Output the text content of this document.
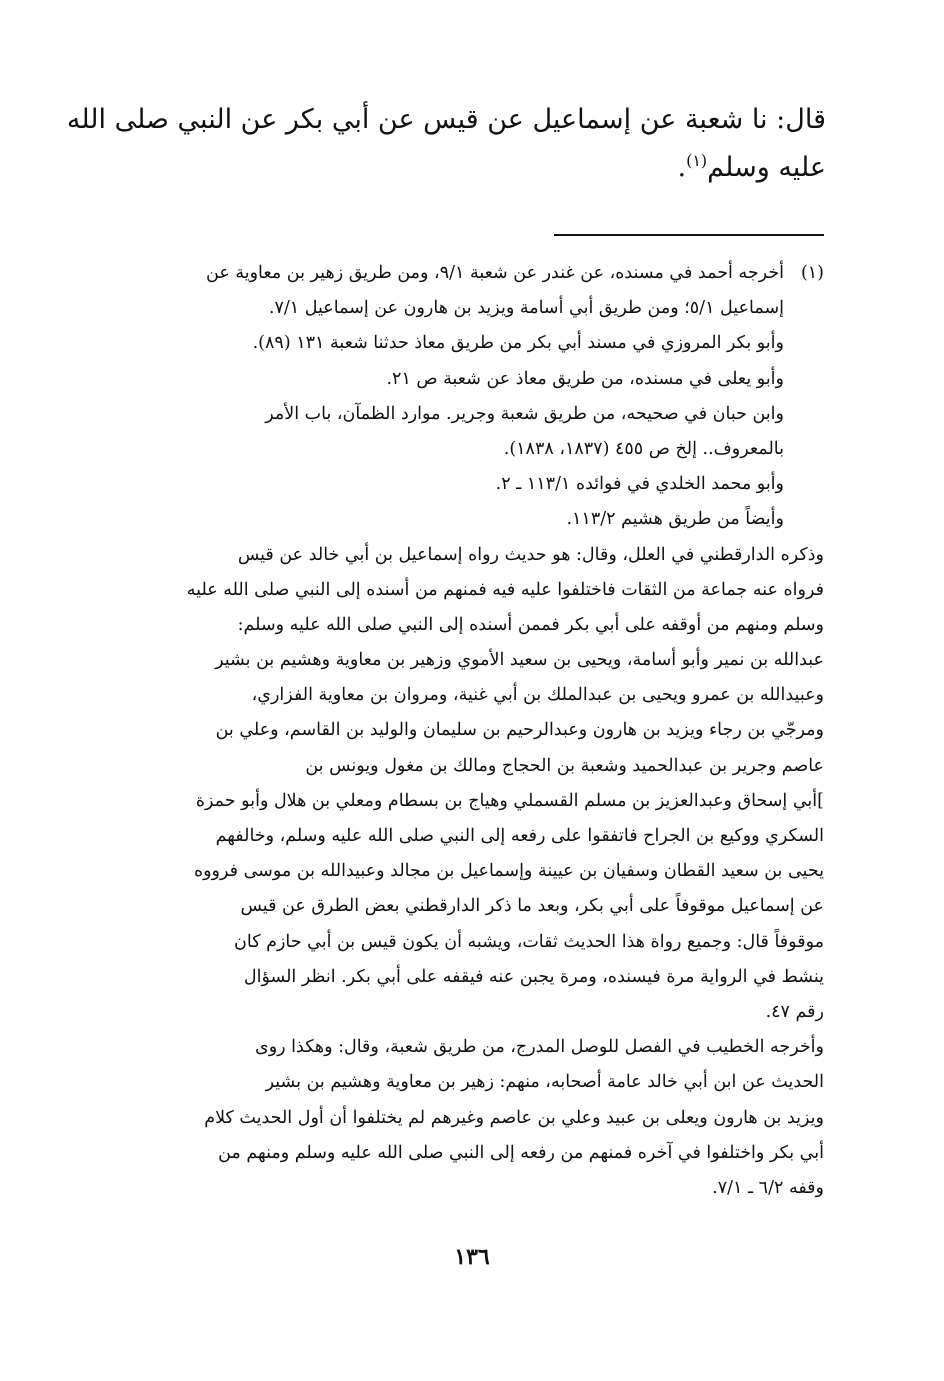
قال: نا شعبة عن إسماعيل عن قيس عن أبي بكر عن النبي صلى الله
عليه وسلم$^{(١)}$.
(١)أخرجه أحمد في مسنده، عن غندر عن شعبة ٩/١، ومن طريق زهير بن معاوية عن
إسماعيل ٥/١؛ ومن طريق أبي أسامة ويزيد بن هارون عن إسماعيل ٧/١.
وأبو بكر المروزي في مسند أبي بكر من طريق معاذ حدثنا شعبة ١٣١ (٨٩).
وأبو يعلى في مسنده، من طريق معاذ عن شعبة ص ٢١.
وابن حبان في صحيحه، من طريق شعبة وجرير. موارد الظمآن، باب الأمر
بالمعروف.. إلخ ص ٤٥٥ (١٨٣٧، ١٨٣٨).
وأبو محمد الخلدي في فوائده ١١٣/١ ـ ٢.
وأيضاً من طريق هشيم ١١٣/٢.
وذكره الدارقطني في العلل، وقال: هو حديث رواه إسماعيل بن أبي خالد عن قيس
فرواه عنه جماعة من الثقات فاختلفوا عليه فيه فمنهم من أسنده إلى النبي صلى الله عليه
وسلم ومنهم من أوقفه على أبي بكر فممن أسنده إلى النبي صلى الله عليه وسلم:
عبدالله بن نمير وأبو أسامة، ويحيى بن سعيد الأموي وزهير بن معاوية وهشيم بن بشير
وعبيدالله بن عمرو ويحيى بن عبدالملك بن أبي غنية، ومروان بن معاوية الفزاري،
ومرجّي بن رجاء ويزيد بن هارون وعبدالرحيم بن سليمان والوليد بن القاسم، وعلي بن
عاصم وجرير بن عبدالحميد وشعبة بن الحجاج ومالك بن مغول ويونس بن
]أبي إسحاق وعبدالعزيز بن مسلم القسملي وهياج بن بسطام ومعلي بن هلال وأبو حمزة
السكري ووكيع بن الجراح فاتفقوا على رفعه إلى النبي صلى الله عليه وسلم، وخالفهم
يحيى بن سعيد القطان وسفيان بن عيينة وإسماعيل بن مجالد وعبيدالله بن موسى فرووه
عن إسماعيل موقوفاً على أبي بكر، وبعد ما ذكر الدارقطني بعض الطرق عن قيس
موقوفاً قال: وجميع رواة هذا الحديث ثقات، ويشبه أن يكون قيس بن أبي حازم كان
ينشط في الرواية مرة فيسنده، ومرة يجبن عنه فيقفه على أبي بكر. انظر السؤال
رقم ٤٧.
وأخرجه الخطيب في الفصل للوصل المدرج، من طريق شعبة، وقال: وهكذا روى
الحديث عن ابن أبي خالد عامة أصحابه، منهم: زهير بن معاوية وهشيم بن بشير
ويزيد بن هارون ويعلى بن عبيد وعلي بن عاصم وغيرهم لم يختلفوا أن أول الحديث كلام
أبي بكر واختلفوا في آخره فمنهم من رفعه إلى النبي صلى الله عليه وسلم ومنهم من
وقفه ٦/٢ ـ ٧/١.
١٣٦
